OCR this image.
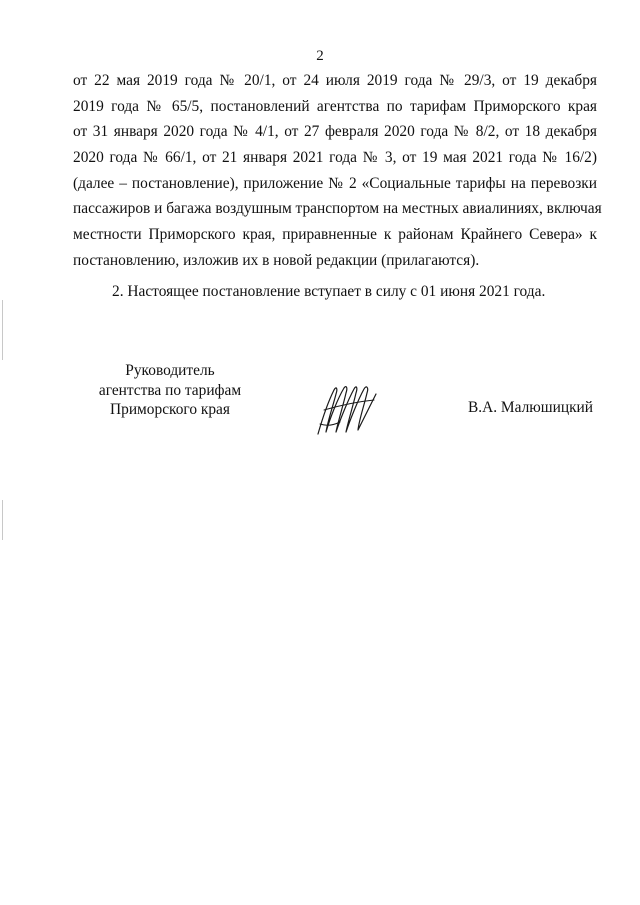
2
от 22 мая 2019 года № 20/1, от 24 июля 2019 года № 29/3, от 19 декабря
2019 года № 65/5, постановлений агентства по тарифам Приморского края
от 31 января 2020 года № 4/1, от 27 февраля 2020 года № 8/2, от 18 декабря
2020 года № 66/1, от 21 января 2021 года № 3, от 19 мая 2021 года № 16/2)
(далее – постановление), приложение № 2 «Социальные тарифы на перевозки
пассажиров и багажа воздушным транспортом на местных авиалиниях, включая
местности Приморского края, приравненные к районам Крайнего Севера» к
постановлению, изложив их в новой редакции (прилагаются).
2. Настоящее постановление вступает в силу с 01 июня 2021 года.
Руководитель
агентства по тарифам
Приморского края	В.А. Малюшицкий
